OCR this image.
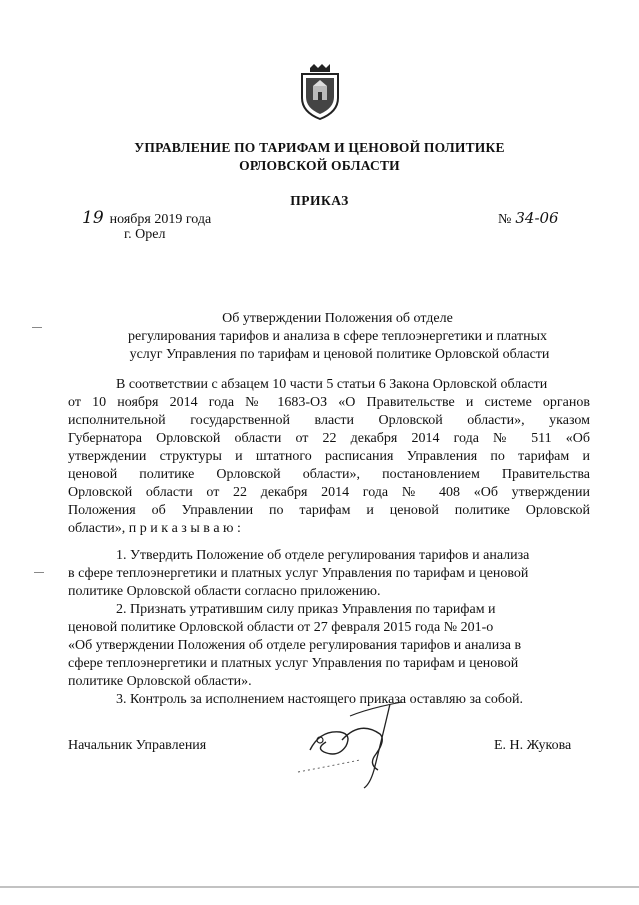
УПРАВЛЕНИЕ ПО ТАРИФАМ И ЦЕНОВОЙ ПОЛИТИКЕ
ОРЛОВСКОЙ ОБЛАСТИ
ПРИКАЗ
19 ноября 2019 года
г. Орел
№ 34-06
Об утверждении Положения об отделе
регулирования тарифов и анализа в сфере теплоэнергетики и платных
услуг Управления по тарифам и ценовой политике Орловской области
В соответствии с абзацем 10 части 5 статьи 6 Закона Орловской области
от 10 ноября 2014 года № 1683-ОЗ «О Правительстве и системе органов
исполнительной государственной власти Орловской области», указом
Губернатора Орловской области от 22 декабря 2014 года № 511 «Об
утверждении структуры и штатного расписания Управления по тарифам и
ценовой политике Орловской области», постановлением Правительства
Орловской области от 22 декабря 2014 года № 408 «Об утверждении
Положения об Управлении по тарифам и ценовой политике Орловской
области», п р и к а з ы в а ю :
1. Утвердить Положение об отделе регулирования тарифов и анализа
в сфере теплоэнергетики и платных услуг Управления по тарифам и ценовой
политике Орловской области согласно приложению.
2. Признать утратившим силу приказ Управления по тарифам и
ценовой политике Орловской области от 27 февраля 2015 года № 201-о
«Об утверждении Положения об отделе регулирования тарифов и анализа в
сфере теплоэнергетики и платных услуг Управления по тарифам и ценовой
политике Орловской области».
3. Контроль за исполнением настоящего приказа оставляю за собой.
Начальник Управления	Е. Н. Жукова
